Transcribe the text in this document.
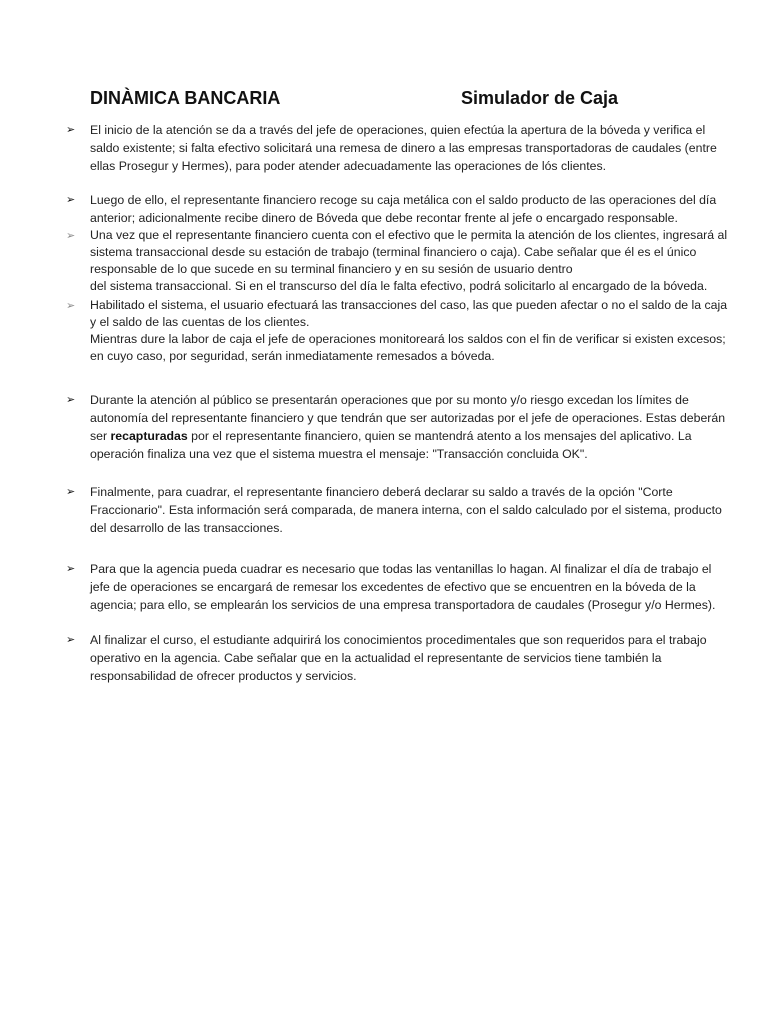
DINÀMICA BANCARIA	Simulador de Caja
➢ El inicio de la atención se da a través del jefe de operaciones, quien efectúa la apertura de la bóveda y verifica el saldo existente; si falta efectivo solicitará una remesa de dinero a las empresas transportadoras de caudales (entre ellas Prosegur y Hermes), para poder atender adecuadamente las operaciones de lós clientes.
➢ Luego de ello, el representante financiero recoge su caja metálica con el saldo producto de las operaciones del día anterior; adicionalmente recibe dinero de Bóveda que debe recontar frente al jefe o encargado responsable.
➢ Una vez que el representante financiero cuenta con el efectivo que le permita la atención de los clientes, ingresará al sistema transaccional desde su estación de trabajo (terminal financiero o caja). Cabe señalar que él es el único responsable de lo que sucede en su terminal financiero y en su sesión de usuario dentro
del sistema transaccional. Si en el transcurso del día le falta efectivo, podrá solicitarlo al encargado de la bóveda.
➢ Habilitado el sistema, el usuario efectuará las transacciones del caso, las que pueden afectar o no el saldo de la caja y el saldo de las cuentas de los clientes.
Mientras dure la labor de caja el jefe de operaciones monitoreará los saldos con el fin de verificar si existen excesos; en cuyo caso, por seguridad, serán inmediatamente remesados a bóveda.
➢ Durante la atención al público se presentarán operaciones que por su monto y/o riesgo excedan los límites de autonomía del representante financiero y que tendrán que ser autorizadas por el jefe de operaciones. Estas deberán ser recapturadas por el representante financiero, quien se mantendrá atento a los mensajes del aplicativo. La operación finaliza una vez que el sistema muestra el mensaje: "Transacción concluida OK".
➢ Finalmente, para cuadrar, el representante financiero deberá declarar su saldo a través de la opción "Corte Fraccionario". Esta información será comparada, de manera interna, con el saldo calculado por el sistema, producto del desarrollo de las transacciones.
➢ Para que la agencia pueda cuadrar es necesario que todas las ventanillas lo hagan. Al finalizar el día de trabajo el jefe de operaciones se encargará de remesar los excedentes de efectivo que se encuentren en la bóveda de la agencia; para ello, se emplearán los servicios de una empresa transportadora de caudales (Prosegur y/o Hermes).
➢ Al finalizar el curso, el estudiante adquirirá los conocimientos procedimentales que son requeridos para el trabajo operativo en la agencia. Cabe señalar que en la actualidad el representante de servicios tiene también la responsabilidad de ofrecer productos y servicios.
